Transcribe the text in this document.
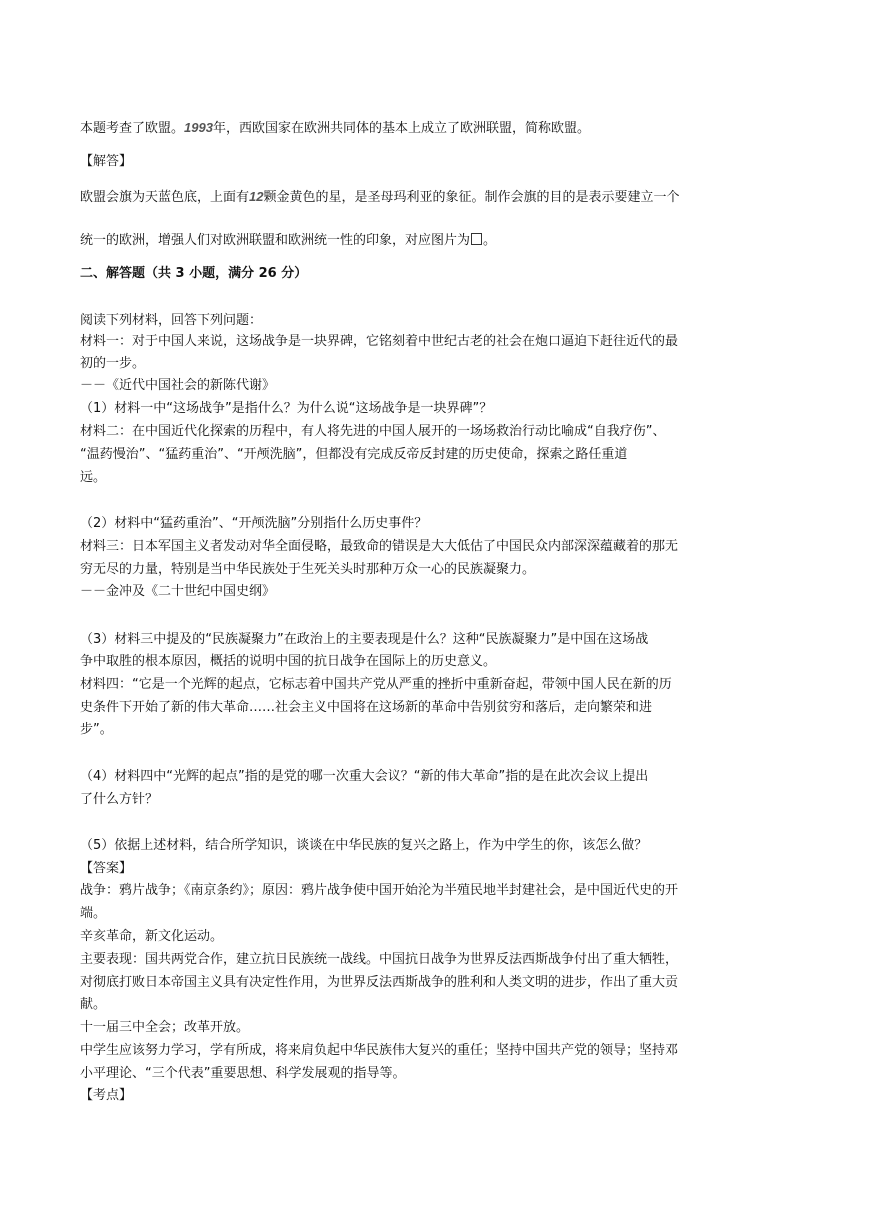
本题考查了欧盟。1993年，西欧国家在欧洲共同体的基本上成立了欧洲联盟，简称欧盟。
【解答】
欧盟会旗为天蓝色底，上面有12颗金黄色的星，是圣母玛利亚的象征。制作会旗的目的是表示要建立一个
统一的欧洲，增强人们对欧洲联盟和欧洲统一性的印象，对应图片为 。
二、解答题（共 3 小题，满分 26 分）
阅读下列材料，回答下列问题：
材料一：对于中国人来说，这场战争是一块界碑，它铭刻着中世纪古老的社会在炮口逼迫下赶往近代的最
初的一步。
－－《近代中国社会的新陈代谢》
（1）材料一中“这场战争”是指什么？为什么说“这场战争是一块界碑”？
材料二：在中国近代化探索的历程中，有人将先进的中国人展开的一场场救治行动比喻成“自我疗伤”、
“温药慢治”、“猛药重治”、“开颅洗脑”，但都没有完成反帝反封建的历史使命，探索之路任重道
远。
（2）材料中“猛药重治”、“开颅洗脑”分别指什么历史事件？
材料三：日本军国主义者发动对华全面侵略，最致命的错误是大大低估了中国民众内部深深蕴藏着的那无
穷无尽的力量，特别是当中华民族处于生死关头时那种万众一心的民族凝聚力。
－－金冲及《二十世纪中国史纲》
（3）材料三中提及的“民族凝聚力”在政治上的主要表现是什么？这种“民族凝聚力”是中国在这场战
争中取胜的根本原因，概括的说明中国的抗日战争在国际上的历史意义。
材料四：“它是一个光辉的起点，它标志着中国共产党从严重的挫折中重新奋起，带领中国人民在新的历
史条件下开始了新的伟大革命……社会主义中国将在这场新的革命中告别贫穷和落后，走向繁荣和进
步”。
（4）材料四中“光辉的起点”指的是党的哪一次重大会议？“新的伟大革命”指的是在此次会议上提出
了什么方针？
（5）依据上述材料，结合所学知识，谈谈在中华民族的复兴之路上，作为中学生的你，该怎么做？
【答案】
战争：鸦片战争；《南京条约》；原因：鸦片战争使中国开始沦为半殖民地半封建社会，是中国近代史的开
端。
辛亥革命，新文化运动。
主要表现：国共两党合作，建立抗日民族统一战线。中国抗日战争为世界反法西斯战争付出了重大牺牲，
对彻底打败日本帝国主义具有决定性作用，为世界反法西斯战争的胜利和人类文明的进步，作出了重大贡
献。
十一届三中全会；改革开放。
中学生应该努力学习，学有所成，将来肩负起中华民族伟大复兴的重任；坚持中国共产党的领导；坚持邓
小平理论、“三个代表”重要思想、科学发展观的指导等。
【考点】
